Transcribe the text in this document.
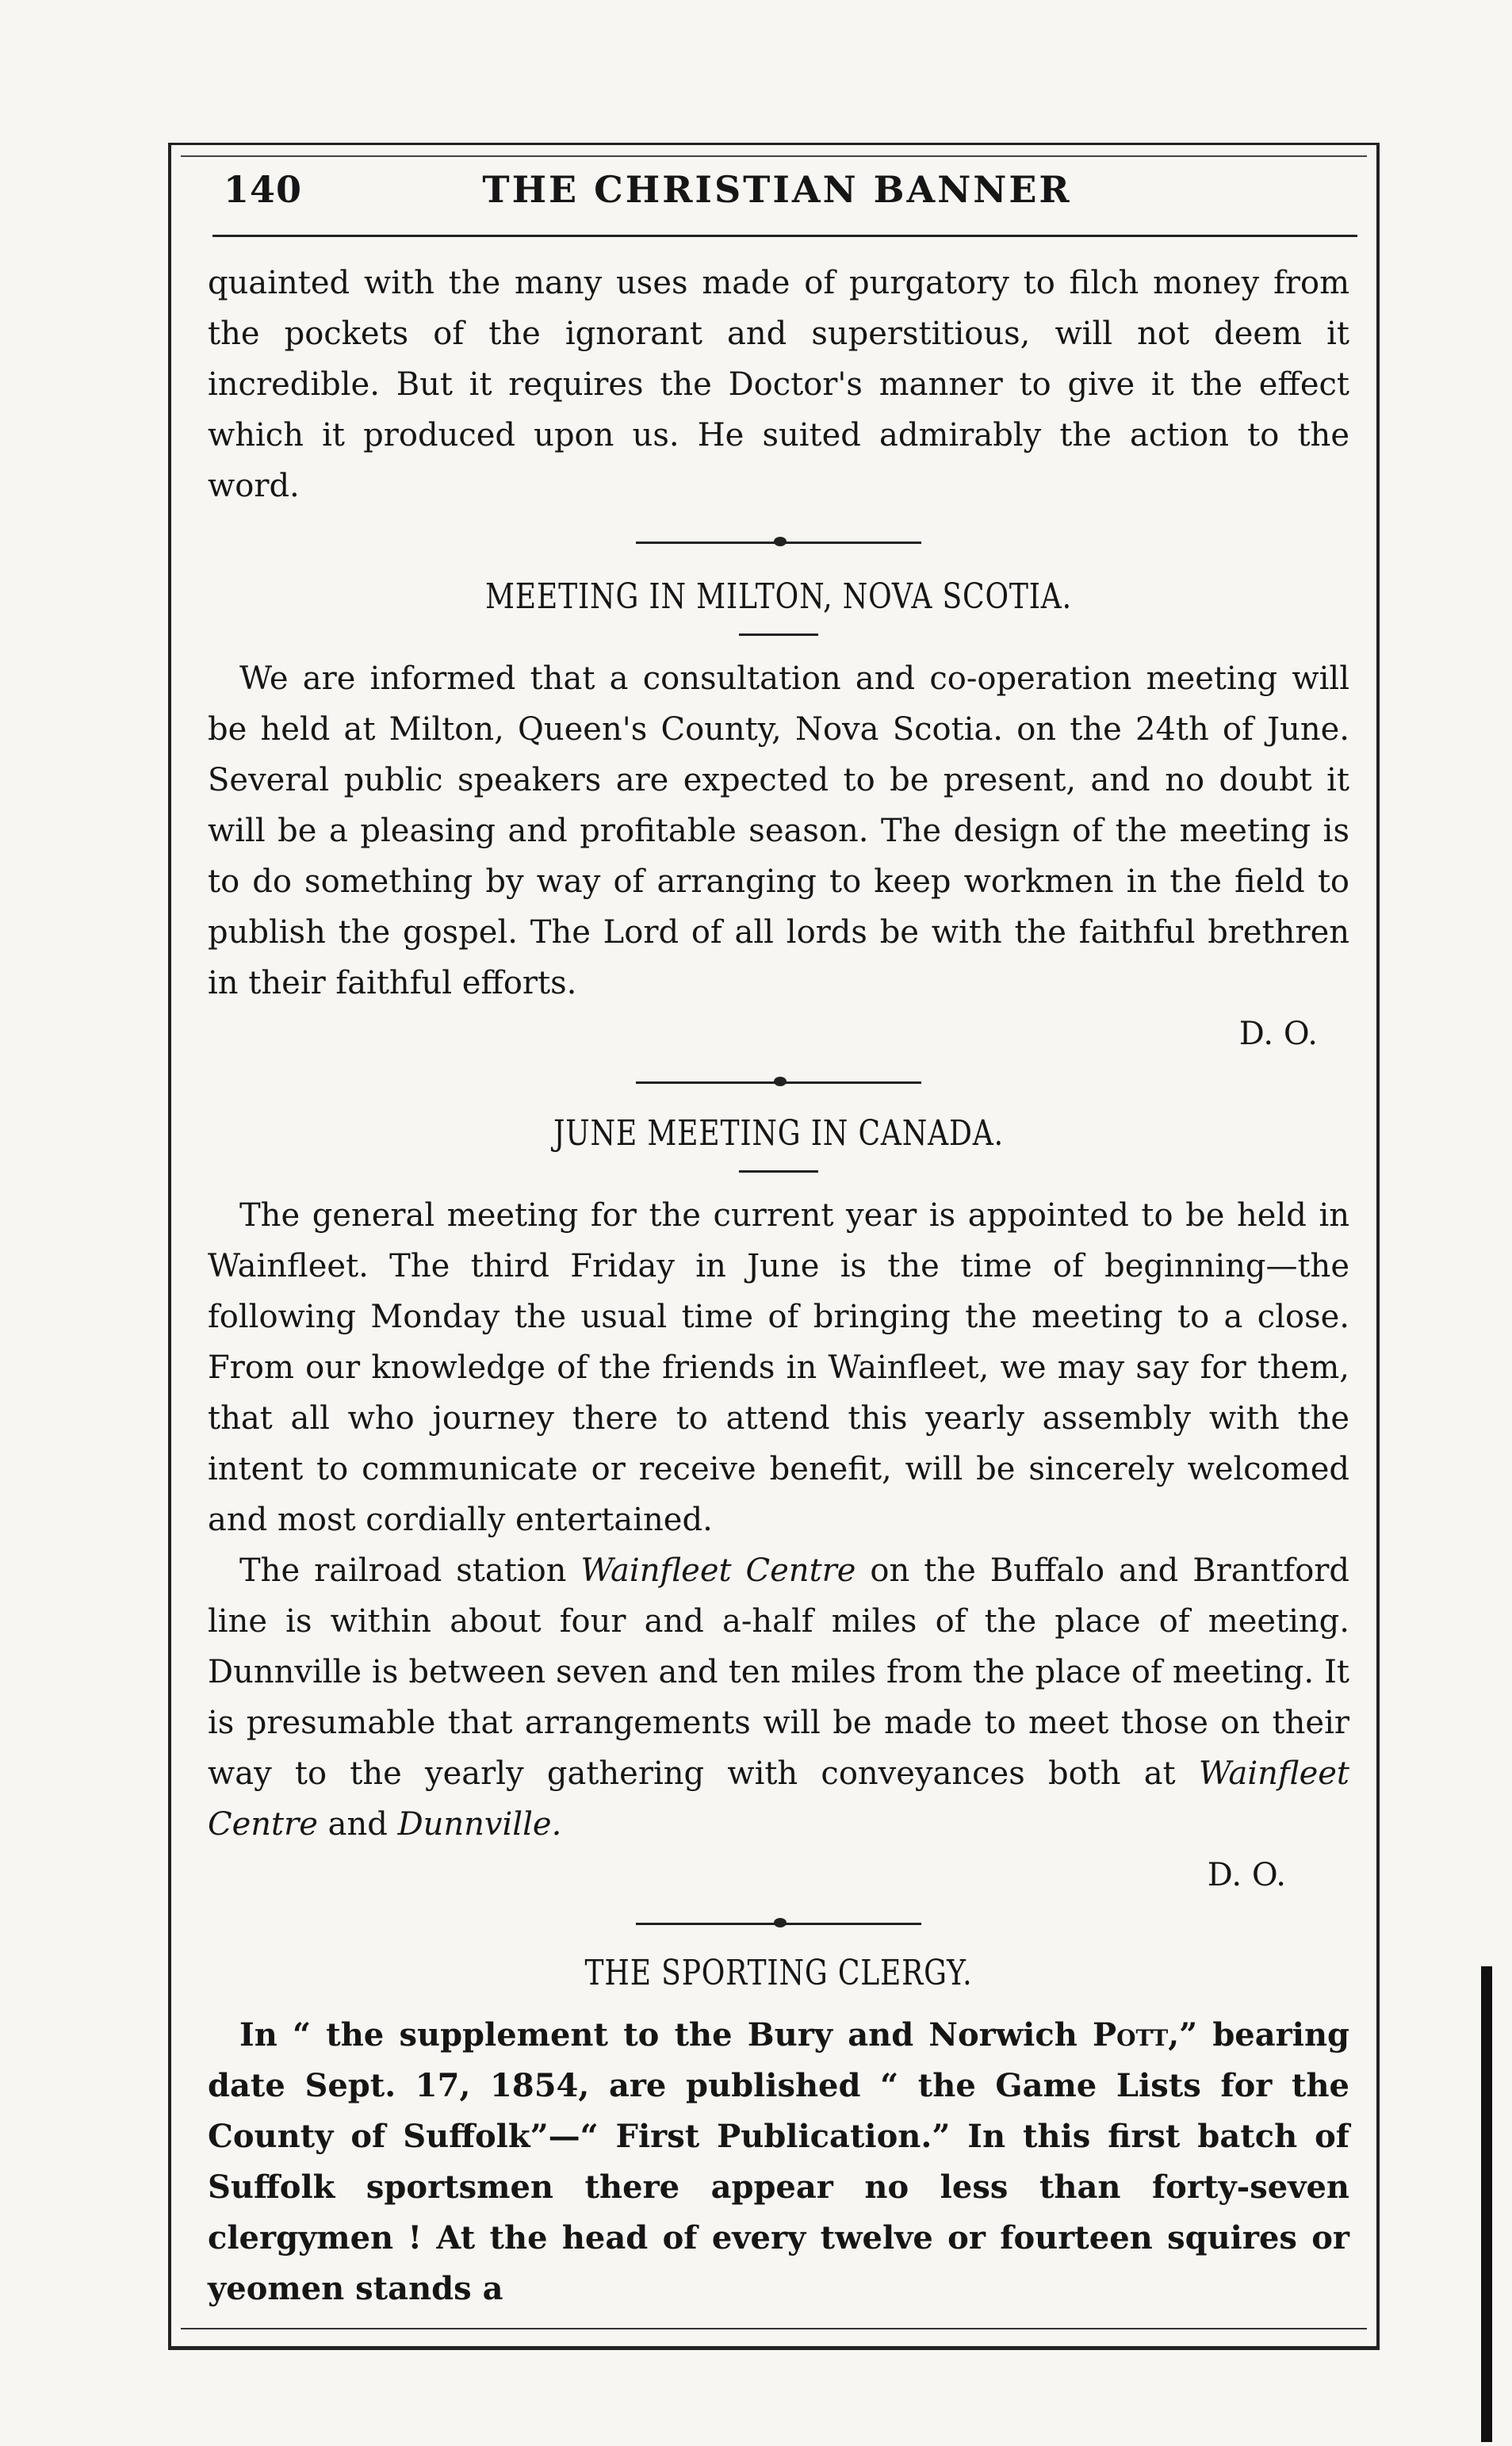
140	THE CHRISTIAN BANNER

quainted with the many uses made of purgatory to filch money from the pockets of the ignorant and superstitious, will not deem it incredible. But it requires the Doctor's manner to give it the effect which it produced upon us. He suited admirably the action to the word.

MEETING IN MILTON, NOVA SCOTIA.

We are informed that a consultation and co-operation meeting will be held at Milton, Queen's County, Nova Scotia. on the 24th of June. Several public speakers are expected to be present, and no doubt it will be a pleasing and profitable season. The design of the meeting is to do something by way of arranging to keep workmen in the field to publish the gospel. The Lord of all lords be with the faithful brethren in their faithful efforts.

D. O.

JUNE MEETING IN CANADA.

The general meeting for the current year is appointed to be held in Wainfleet. The third Friday in June is the time of beginning—the following Monday the usual time of bringing the meeting to a close. From our knowledge of the friends in Wainfleet, we may say for them, that all who journey there to attend this yearly assembly with the intent to communicate or receive benefit, will be sincerely welcomed and most cordially entertained.

The railroad station Wainfleet Centre on the Buffalo and Brantford line is within about four and a-half miles of the place of meeting. Dunnville is between seven and ten miles from the place of meeting. It is presumable that arrangements will be made to meet those on their way to the yearly gathering with conveyances both at Wainfleet Centre and Dunnville.

D. O.

THE SPORTING CLERGY.

In “ the supplement to the Bury and Norwich Pott,” bearing date Sept. 17, 1854, are published “ the Game Lists for the County of Suffolk”—“ First Publication.” In this first batch of Suffolk sportsmen there appear no less than forty-seven clergymen ! At the head of every twelve or fourteen squires or yeomen stands a
